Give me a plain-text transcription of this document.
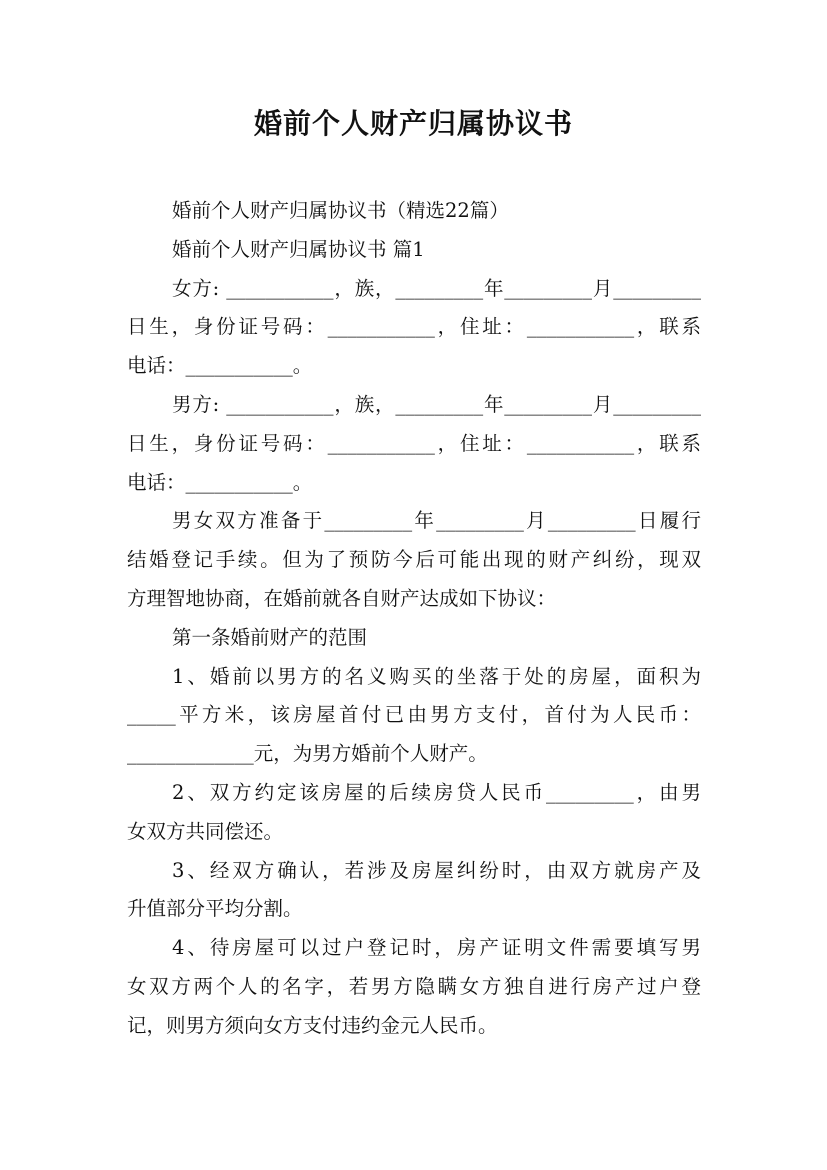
婚前个人财产归属协议书
婚前个人财产归属协议书（精选22篇）
婚前个人财产归属协议书 篇1
女方: ___________，族，_________年_________月_________
日生，身份证号码：___________，住址：___________，联系
电话：___________。
男方: ___________，族，_________年_________月_________
日生，身份证号码：___________，住址：___________，联系
电话：___________。
男女双方准备于_________年_________月_________日履行
结婚登记手续。但为了预防今后可能出现的财产纠纷，现双
方理智地协商，在婚前就各自财产达成如下协议：
第一条婚前财产的范围
1、婚前以男方的名义购买的坐落于处的房屋，面积为
_____平方米，该房屋首付已由男方支付，首付为人民币：
_____________元，为男方婚前个人财产。
2、双方约定该房屋的后续房贷人民币_________，由男
女双方共同偿还。
3、经双方确认，若涉及房屋纠纷时，由双方就房产及
升值部分平均分割。
4、待房屋可以过户登记时，房产证明文件需要填写男
女双方两个人的名字，若男方隐瞒女方独自进行房产过户登
记，则男方须向女方支付违约金元人民币。
